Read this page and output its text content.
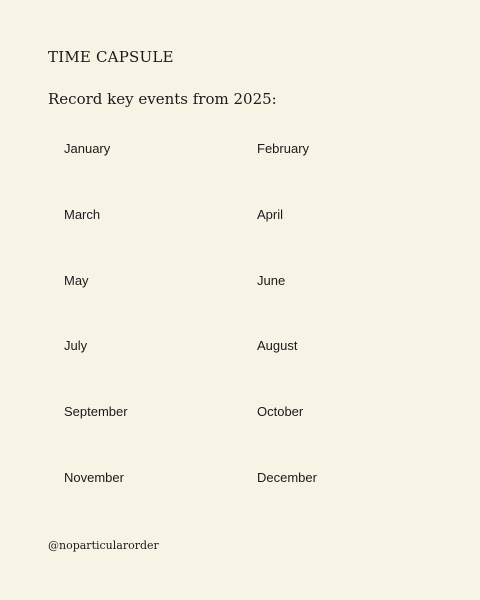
TIME CAPSULE
Record key events from 2025:
January	February
March	April
May	June
July	August
September	October
November	December
@noparticularorder
